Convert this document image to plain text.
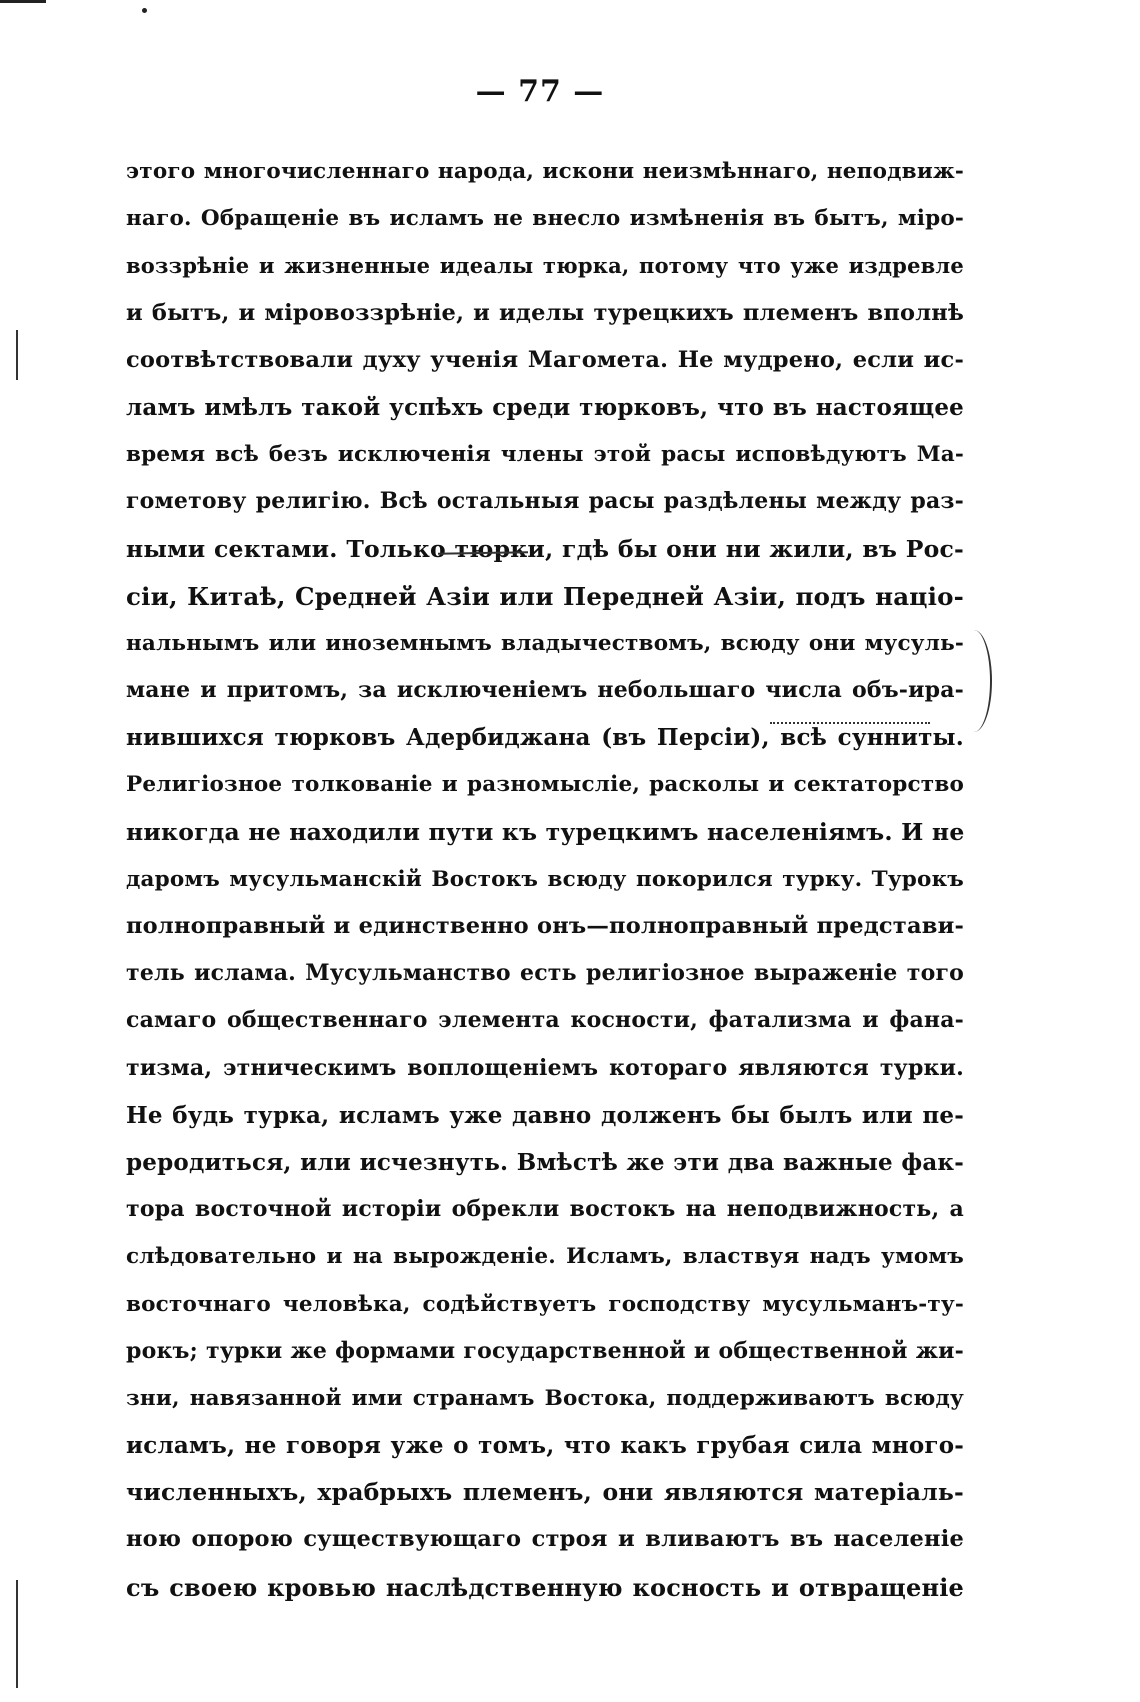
— 77 —
этого многочисленнаго народа, искони неизмѣннаго, неподвиж-
наго. Обращеніе въ исламъ не внесло измѣненія въ бытъ, міро-
воззрѣніе и жизненные идеалы тюрка, потому что уже издревле
и бытъ, и міровоззрѣніе, и иделы турецкихъ племенъ вполнѣ
соотвѣтствовали духу ученія Магомета. Не мудрено, если ис-
ламъ имѣлъ такой успѣхъ среди тюрковъ, что въ настоящее
время всѣ безъ исключенія члены этой расы исповѣдуютъ Ма-
гометову религію. Всѣ остальныя расы раздѣлены между раз-
ными сектами. Только тюрки, гдѣ бы они ни жили, въ Рос-
сіи, Китаѣ, Средней Азіи или Передней Азіи, подъ націо-
нальнымъ или иноземнымъ владычествомъ, всюду они мусуль-
мане и притомъ, за исключеніемъ небольшаго числа объ-ира-
нившихся тюрковъ Адербиджана (въ Персіи), всѣ сунниты.
Религіозное толкованіе и разномысліе, расколы и сектаторство
никогда не находили пути къ турецкимъ населеніямъ. И не
даромъ мусульманскій Востокъ всюду покорился турку. Турокъ
полноправный и единственно онъ—полноправный представи-
тель ислама. Мусульманство есть религіозное выраженіе того
самаго общественнаго элемента косности, фатализма и фана-
тизма, этническимъ воплощеніемъ котораго являются турки.
Не будь турка, исламъ уже давно долженъ бы былъ или пе-
реродиться, или исчезнуть. Вмѣстѣ же эти два важные фак-
тора восточной исторіи обрекли востокъ на неподвижность, а
слѣдовательно и на вырожденіе. Исламъ, властвуя надъ умомъ
восточнаго человѣка, содѣйствуетъ господству мусульманъ-ту-
рокъ; турки же формами государственной и общественной жи-
зни, навязанной ими странамъ Востока, поддерживаютъ всюду
исламъ, не говоря уже о томъ, что какъ грубая сила много-
численныхъ, храбрыхъ племенъ, они являются матеріаль-
ною опорою существующаго строя и вливаютъ въ населеніе
съ своею кровью наслѣдственную косность и отвращеніе
